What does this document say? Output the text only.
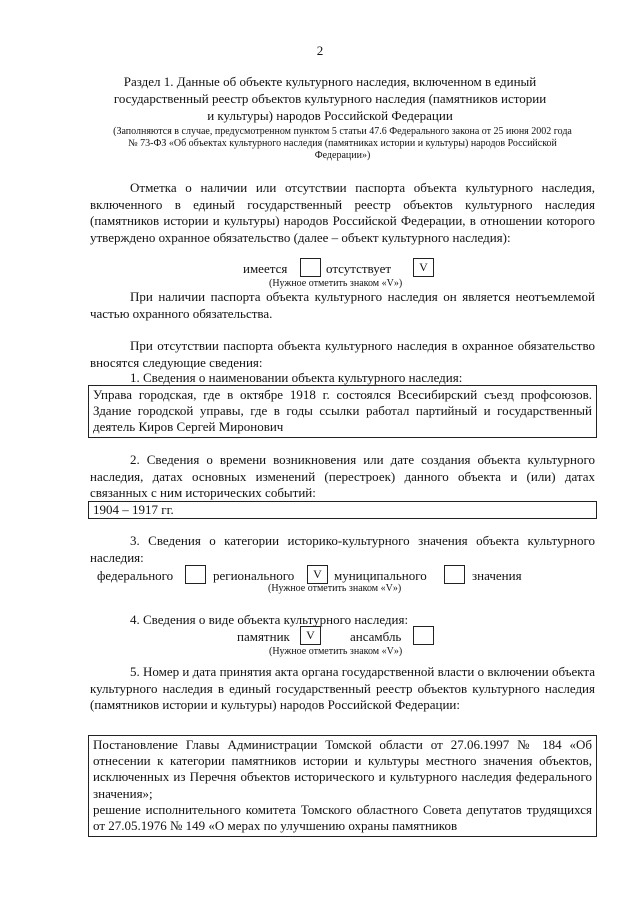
2
Раздел 1. Данные об объекте культурного наследия, включенном в единый
государственный реестр объектов культурного наследия (памятников истории
и культуры) народов Российской Федерации
(Заполняются в случае, предусмотренном пунктом 5 статьи 47.6 Федерального закона от 25 июня 2002 года
№ 73-ФЗ «Об объектах культурного наследия (памятниках истории и культуры) народов Российской
Федерации»)

Отметка о наличии или отсутствии паспорта объекта культурного наследия, включенного в единый государственный реестр объектов культурного наследия (памятников истории и культуры) народов Российской Федерации, в отношении которого утверждено охранное обязательство (далее – объект культурного наследия):

имеется	отсутствует	V
(Нужное отметить знаком «V»)

При наличии паспорта объекта культурного наследия он является неотъемлемой частью охранного обязательства.

При отсутствии паспорта объекта культурного наследия в охранное обязательство вносятся следующие сведения:

1. Сведения о наименовании объекта культурного наследия:
Управа городская, где в октябре 1918 г. состоялся Всесибирский съезд профсоюзов. Здание городской управы, где в годы ссылки работал партийный и государственный деятель Киров Сергей Миронович

2. Сведения о времени возникновения или дате создания объекта культурного наследия, датах основных изменений (перестроек) данного объекта и (или) датах связанных с ним исторических событий:

1904 – 1917 гг.

3. Сведения о категории историко-культурного значения объекта культурного наследия:

федерального	регионального	V муниципального	значения
(Нужное отметить знаком «V»)
4. Сведения о виде объекта культурного наследия:
памятник	V	ансамбль
(Нужное отметить знаком «V»)

5. Номер и дата принятия акта органа государственной власти о включении объекта культурного наследия в единый государственный реестр объектов культурного наследия (памятников истории и культуры) народов Российской Федерации:

Постановление Главы Администрации Томской области от 27.06.1997 № 184 «Об отнесении к категории памятников истории и культуры местного значения объектов, исключенных из Перечня объектов исторического и культурного наследия федерального значения»;
решение исполнительного комитета Томского областного Совета депутатов трудящихся от 27.05.1976 № 149 «О мерах по улучшению охраны памятников
